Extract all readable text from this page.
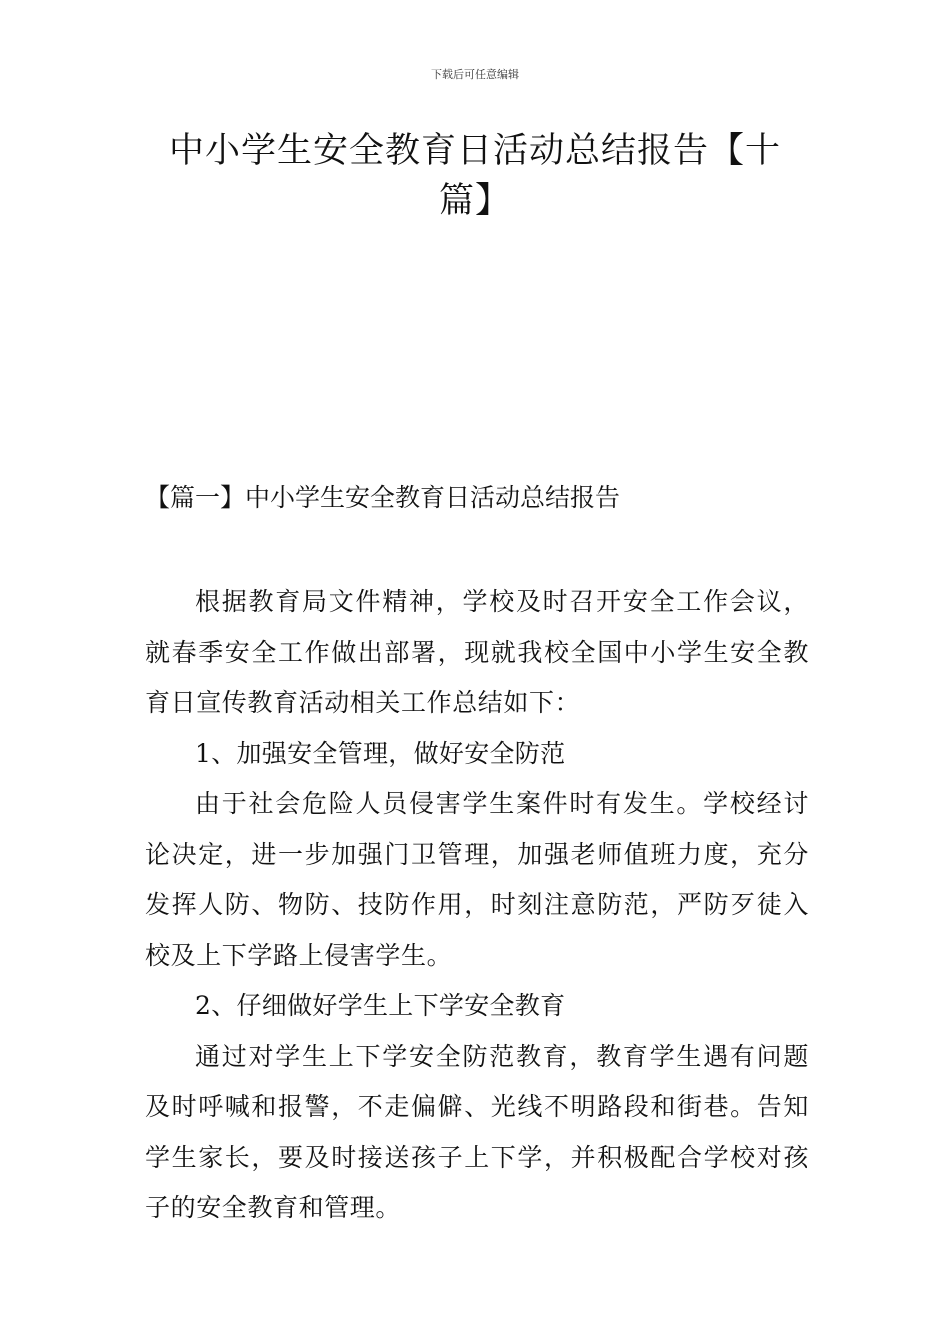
下载后可任意编辑
中小学生安全教育日活动总结报告【十篇】
【篇一】中小学生安全教育日活动总结报告

根据教育局文件精神，学校及时召开安全工作会议，就春季安全工作做出部署，现就我校全国中小学生安全教育日宣传教育活动相关工作总结如下：

1、加强安全管理，做好安全防范

由于社会危险人员侵害学生案件时有发生。学校经讨论决定，进一步加强门卫管理，加强老师值班力度，充分发挥人防、物防、技防作用，时刻注意防范，严防歹徒入校及上下学路上侵害学生。

2、仔细做好学生上下学安全教育

通过对学生上下学安全防范教育，教育学生遇有问题及时呼喊和报警，不走偏僻、光线不明路段和街巷。告知学生家长，要及时接送孩子上下学，并积极配合学校对孩子的安全教育和管理。
